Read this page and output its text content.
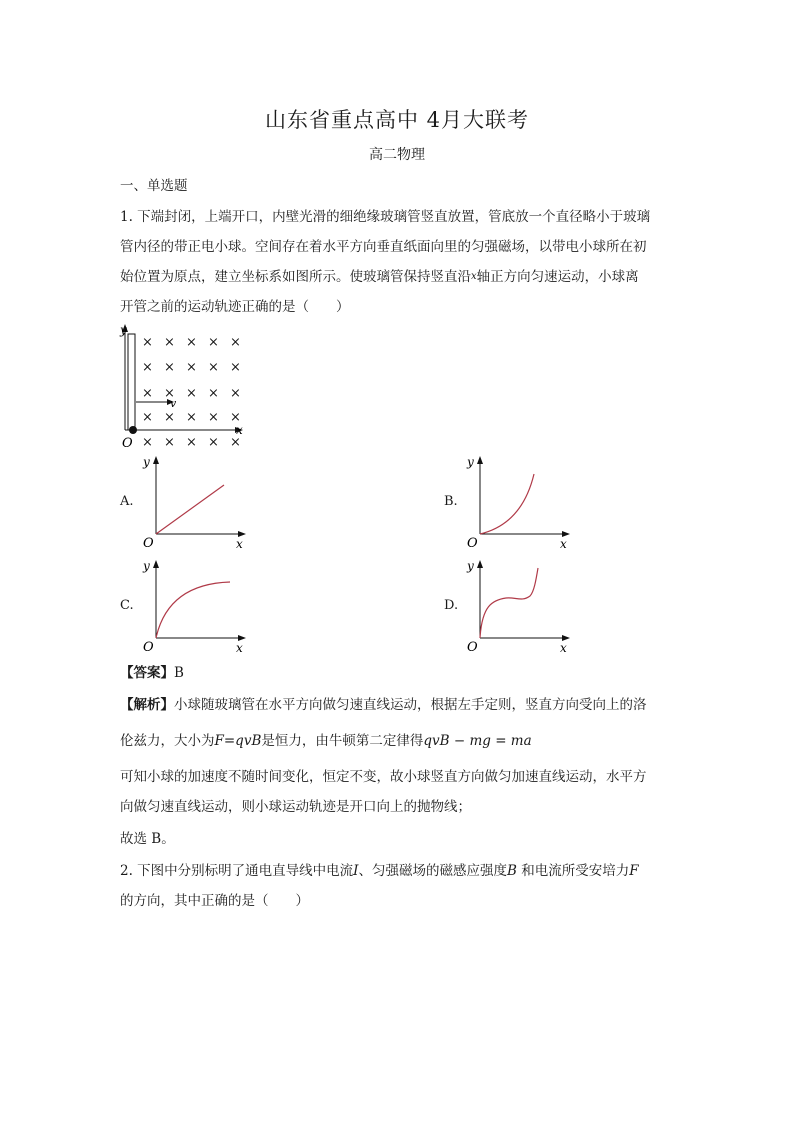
山东省重点高中 4月大联考
高二物理
一、单选题
1. 下端封闭，上端开口，内壁光滑的细绝缘玻璃管竖直放置，管底放一个直径略小于玻璃
管内径的带正电小球。空间存在着水平方向垂直纸面向里的匀强磁场，以带电小球所在初
始位置为原点，建立坐标系如图所示。使玻璃管保持竖直沿x轴正方向匀速运动，小球离
开管之前的运动轨迹正确的是（　　）
y
x
O
v
× × × × ×
× × × × ×
× × × × ×
× × × × ×
× × × × ×
A.
y
x
O
B.
y
x
O
C.
y
x
O
D.
y
x
O
【答案】B
【解析】小球随玻璃管在水平方向做匀速直线运动，根据左手定则，竖直方向受向上的洛
伦兹力，大小为F=qvB是恒力，由牛顿第二定律得qvB − mg = ma
可知小球的加速度不随时间变化，恒定不变，故小球竖直方向做匀加速直线运动，水平方
向做匀速直线运动，则小球运动轨迹是开口向上的抛物线；
故选 B。
2. 下图中分别标明了通电直导线中电流I、匀强磁场的磁感应强度B 和电流所受安培力F
的方向，其中正确的是（　　）
